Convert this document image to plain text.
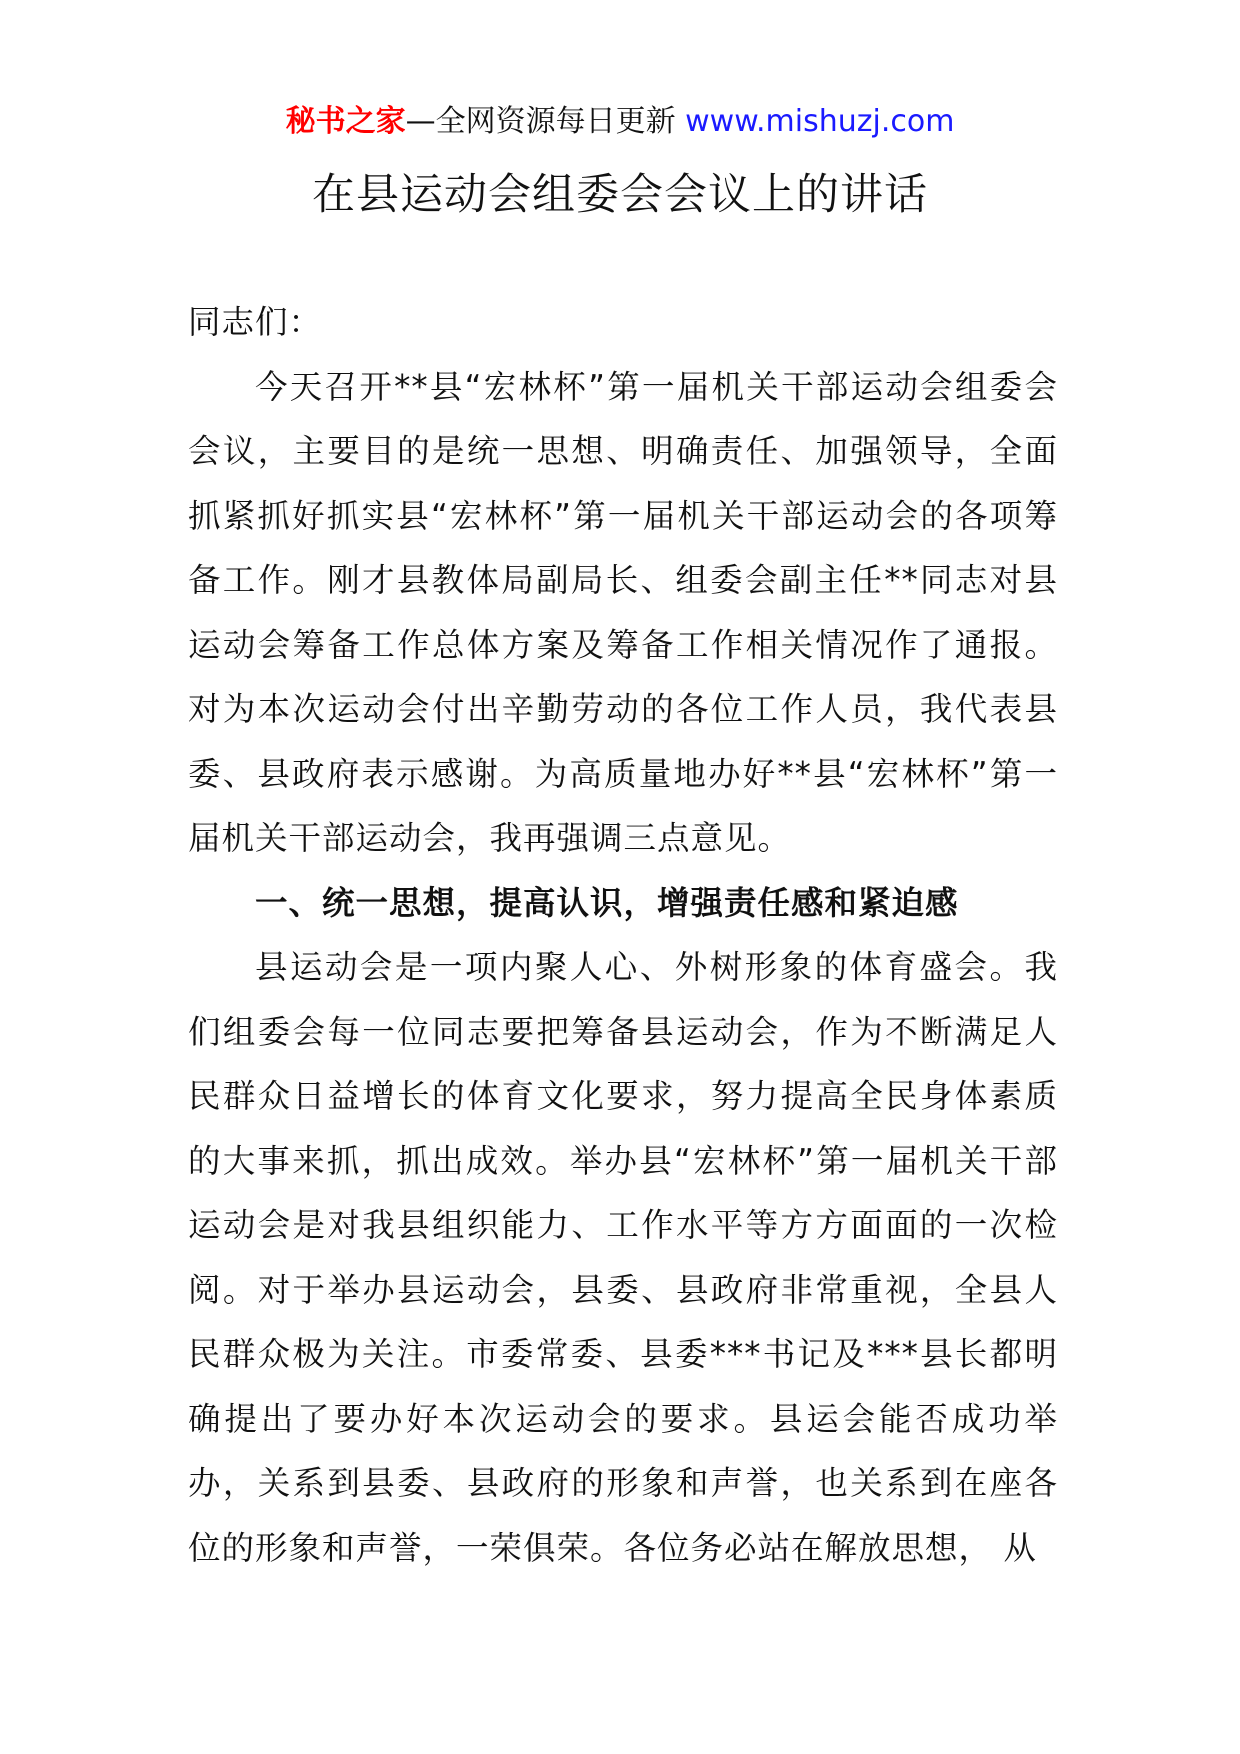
秘书之家—全网资源每日更新 www.mishuzj.com
在县运动会组委会会议上的讲话

同志们：

今天召开**县“宏林杯”第一届机关干部运动会组委会会议，主要目的是统一思想、明确责任、加强领导，全面抓紧抓好抓实县“宏林杯”第一届机关干部运动会的各项筹备工作。刚才县教体局副局长、组委会副主任**同志对县运动会筹备工作总体方案及筹备工作相关情况作了通报。对为本次运动会付出辛勤劳动的各位工作人员，我代表县委、县政府表示感谢。为高质量地办好**县“宏林杯”第一届机关干部运动会，我再强调三点意见。

一、统一思想，提高认识，增强责任感和紧迫感

县运动会是一项内聚人心、外树形象的体育盛会。我们组委会每一位同志要把筹备县运动会，作为不断满足人民群众日益增长的体育文化要求，努力提高全民身体素质的大事来抓，抓出成效。举办县“宏林杯”第一届机关干部运动会是对我县组织能力、工作水平等方方面面的一次检阅。对于举办县运动会，县委、县政府非常重视，全县人民群众极为关注。市委常委、县委***书记及***县长都明确提出了要办好本次运动会的要求。县运会能否成功举办，关系到县委、县政府的形象和声誉，也关系到在座各位的形象和声誉，一荣俱荣。各位务必站在解放思想， 从
